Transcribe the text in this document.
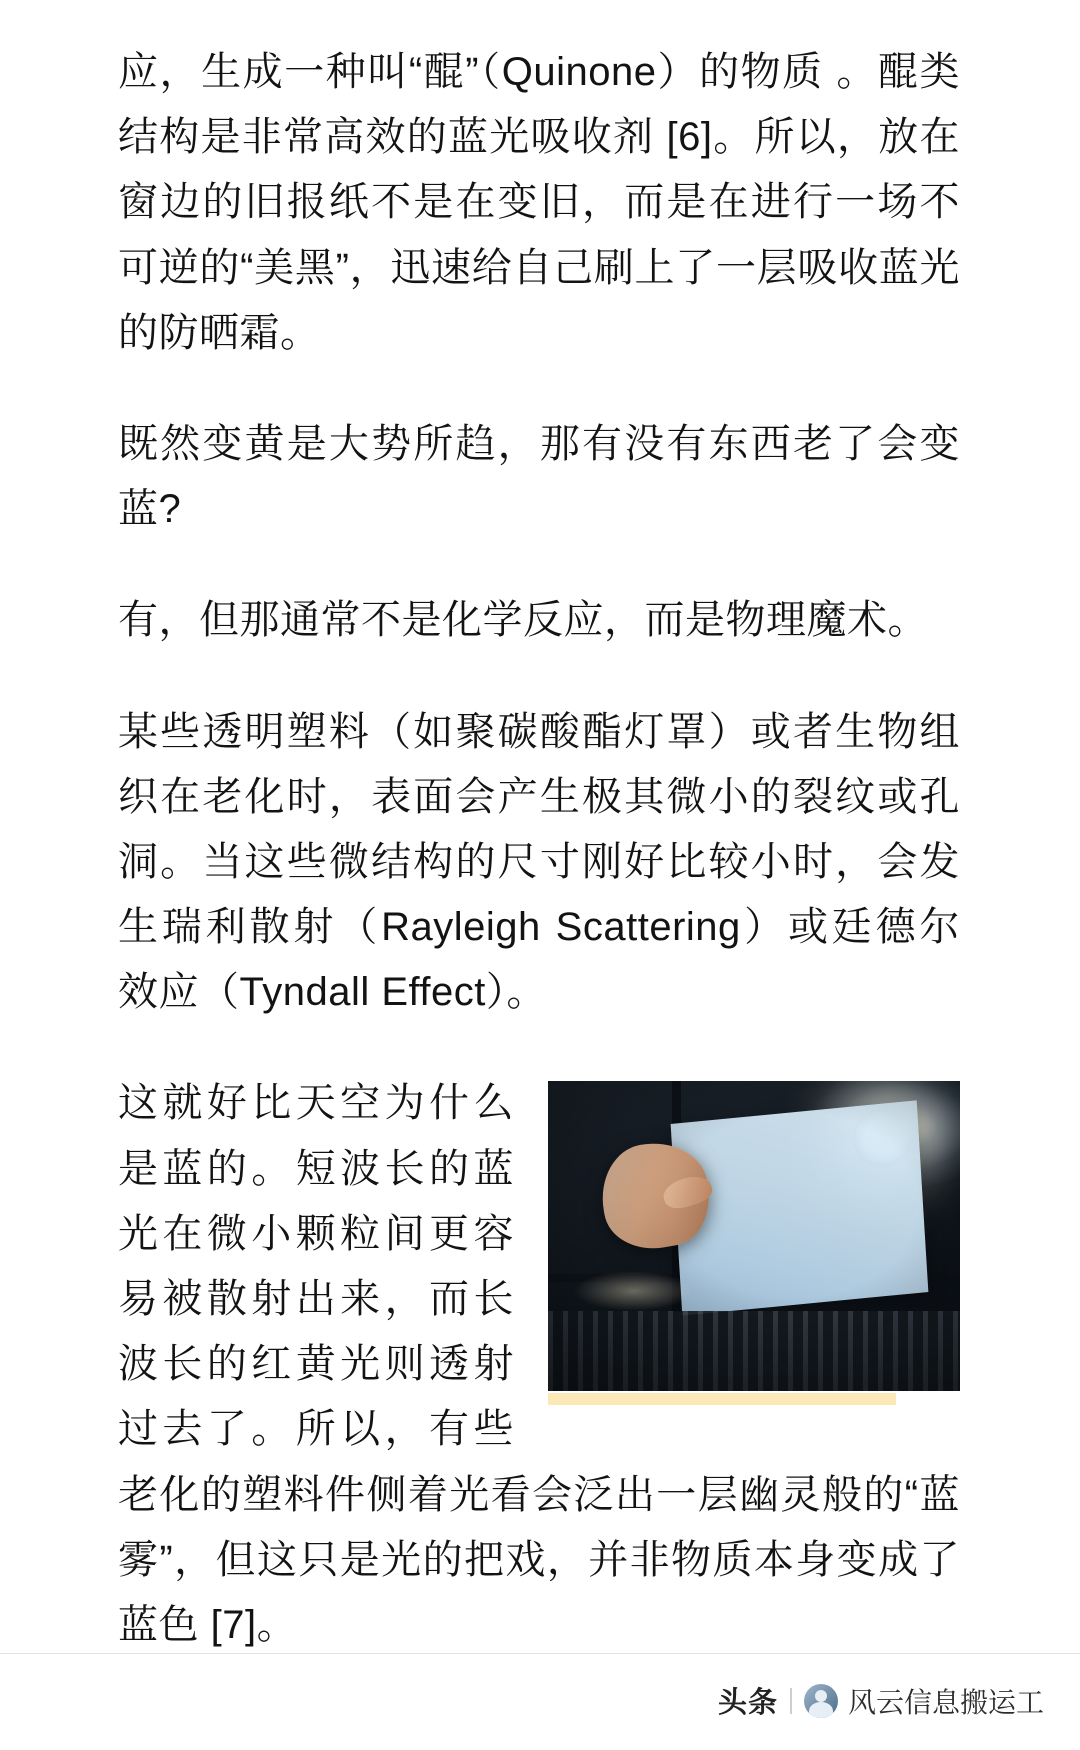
应，生成一种叫“醌”（Quinone）的物质 。醌类结构是非常高效的蓝光吸收剂 [6]。所以，放在窗边的旧报纸不是在变旧，而是在进行一场不可逆的“美黑”，迅速给自己刷上了一层吸收蓝光的防晒霜。

既然变黄是大势所趋，那有没有东西老了会变蓝?

有，但那通常不是化学反应，而是物理魔术。

某些透明塑料（如聚碳酸酯灯罩）或者生物组织在老化时，表面会产生极其微小的裂纹或孔洞。当这些微结构的尺寸刚好比较小时，会发生瑞利散射（Rayleigh Scattering）或廷德尔效应（Tyndall Effect）。

这就好比天空为什么是蓝的。短波长的蓝光在微小颗粒间更容易被散射出来，而长波长的红黄光则透射过去了。所以，有些老化的塑料件侧着光看会泛出一层幽灵般的“蓝雾”，但这只是光的把戏，并非物质本身变成了蓝色 [7]。

头条	风云信息搬运工
